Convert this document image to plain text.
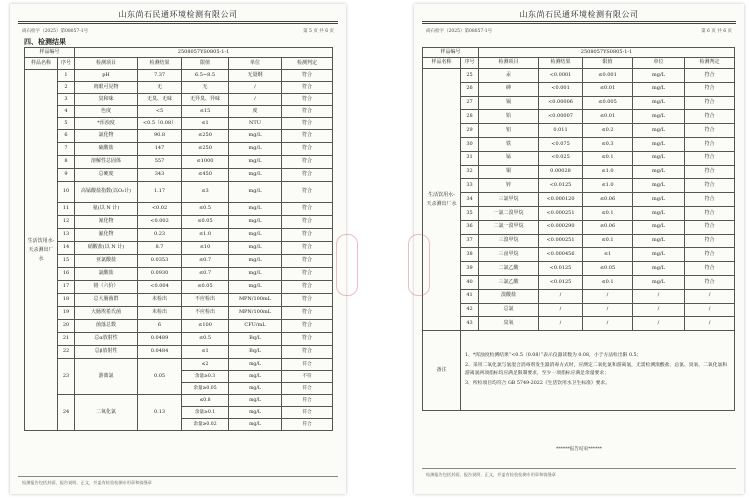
山东尚石民通环境检测有限公司
尚石检字（2025）第08057-1号	第 5 页 共 6 页
四、检测结果
样品编号		2508057YS0805-1-1				
样品名称	序号	检测项目	检测结果	限值	单位	检测判定
生活饮用水-天杀测出厂水	1	pH	7.37	6.5~8.5	无量纲	符合
	2	肉眼可见物	无	无	/	符合
	3	臭和味	无臭、无味	无异臭、异味	/	符合
	4	色度	<5	≤15	度	符合
	5	*浑浊度	<0.5（0.08）	≤1	NTU	符合
	6	氯化物	90.8	≤250	mg/L	符合
	7	硫酸盐	147	≤250	mg/L	符合
	8	溶解性总固体	557	≤1000	mg/L	符合
	9	总硬度	343	≤450	mg/L	符合
	10	高锰酸盐指数(以O₂计)	1.17	≤3	mg/L	符合
	11	氨(以 N 计)	<0.02	≤0.5	mg/L	符合
	12	氰化物	<0.002	≤0.05	mg/L	符合
	13	氟化物	0.23	≤1.0	mg/L	符合
	14	硝酸盐(以 N 计)	8.7	≤10	mg/L	符合
	15	亚氯酸盐	0.0353	≤0.7	mg/L	符合
	16	氯酸盐	0.0930	≤0.7	mg/L	符合
	17	铬（六价）	<0.004	≤0.05	mg/L	符合
	18	总大肠菌群	未检出	不应检出	MPN/100mL	符合
	19	大肠埃希氏菌	未检出	不应检出	MPN/100mL	符合
	20	菌落总数	6	≤100	CFU/mL	符合
	21	总α放射性	0.0489	≤0.5	Bq/L	符合
	22	总β放射性	0.0484	≤1	Bq/L	符合
	23	游离氯	0.05	≤2	mg/L	符合
				余量≥0.3	mg/L	不符
				余量≥0.05	mg/L	符合
	24	二氧化氯	0.13	≤0.8	mg/L	符合
				余量≥0.1	mg/L	符合
				余量≥0.02	mg/L	符合
检测报告包括封面、报告说明、正文，并盖有检验检测专用章和骑缝章
山东尚石民通环境检测有限公司
尚石检字（2025）第08057-1号	第 6 页 共 6 页
样品编号		2508057YS0805-1-1				
样品名称	序号	检测项目	检测结果	限值	单位	检测判定
生活饮用水-天杀测出厂水	25	汞	<0.0001	≤0.001	mg/L	符合
	26	砷	<0.001	≤0.01	mg/L	符合
	27	镉	<0.00006	≤0.005	mg/L	符合
	28	铅	<0.00007	≤0.01	mg/L	符合
	29	铝	0.011	≤0.2	mg/L	符合
	30	铁	<0.075	≤0.3	mg/L	符合
	31	锰	<0.025	≤0.1	mg/L	符合
	32	铜	0.00028	≤1.0	mg/L	符合
	33	锌	<0.0125	≤1.0	mg/L	符合
	34	三氯甲烷	<0.000120	≤0.06	mg/L	符合
	35	一氯二溴甲烷	<0.000251	≤0.1	mg/L	符合
	36	二氯一溴甲烷	<0.000290	≤0.06	mg/L	符合
	37	三溴甲烷	<0.000251	≤0.1	mg/L	符合
	38	三卤甲烷	<0.000456	≤1	mg/L	符合
	39	二氯乙酸	<0.0125	≤0.05	mg/L	符合
	40	三氯乙酸	<0.0125	≤0.1	mg/L	符合
	41	溴酸盐	/	/	/	/
	42	总氯	/	/	/	/
	43	臭氧	/	/	/	/
备注	1、*浑浊度检测结果“<0.5（0.08）”表示仪器读数为 0.08，小于方法检出限 0.5；
2、采用二氧化氯与氯混合消毒剂发生器消毒方式时，应测定二氧化氯和游离氯，无需检测溴酸盐、总氯、臭氧、二氧化氯和游离氯两项指标均应满足限制要求，至少一项指标应满足余量要求；
3、所检项目均符合 GB 5749-2022《生活饮用水卫生标准》要求。					
******报告结束******
检测报告包括封面、报告说明、正文，并盖有检验检测专用章和骑缝章
